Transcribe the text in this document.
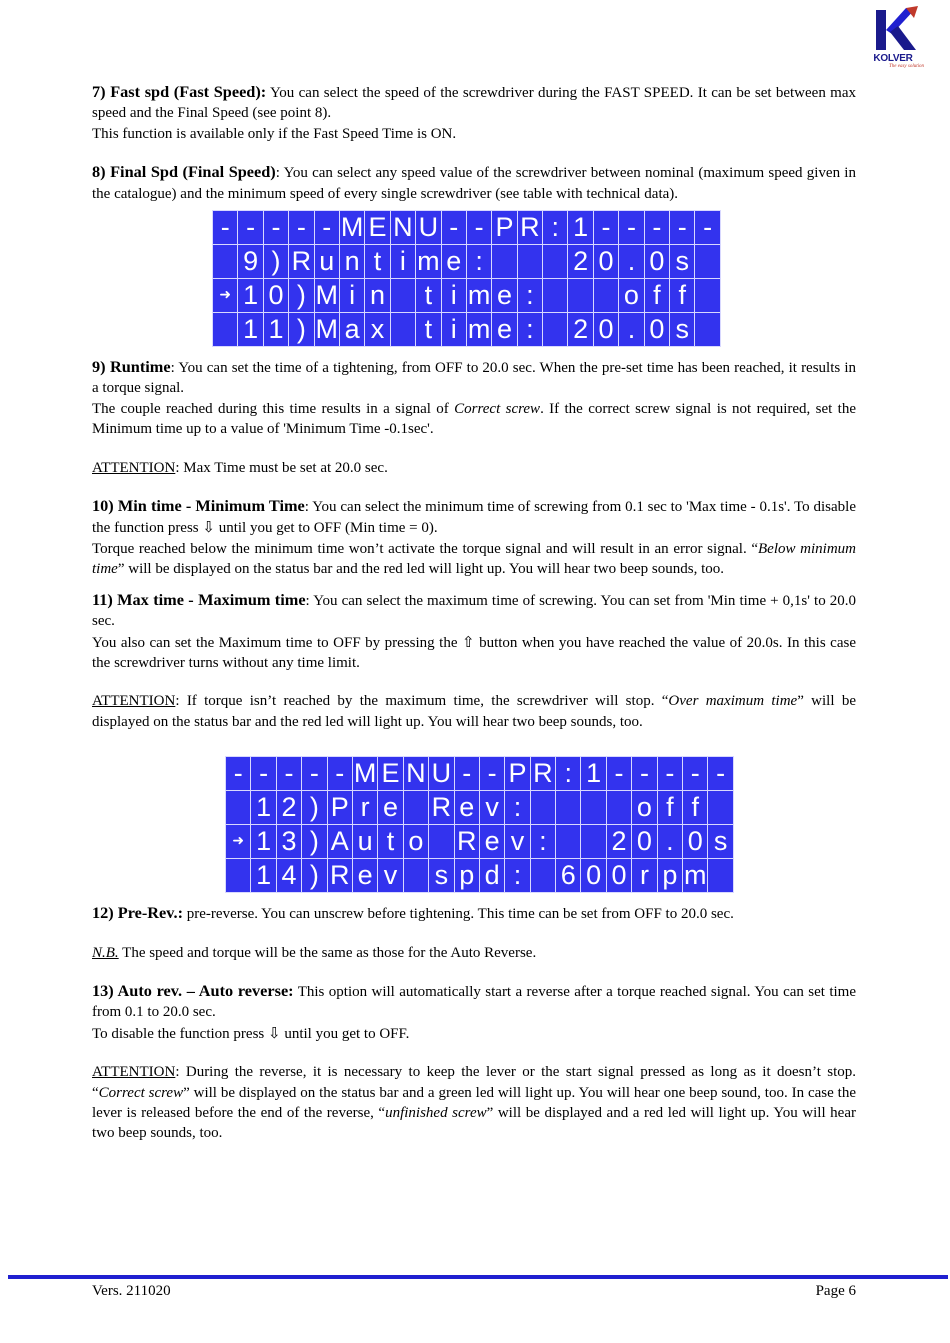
KOLVER
The easy solution

7) Fast spd (Fast Speed): You can select the speed of the screwdriver during the FAST SPEED. It can be set between max speed and the Final Speed (see point 8).

This function is available only if the Fast Speed Time is ON.

8) Final Spd (Final Speed): You can select any speed value of the screwdriver between nominal (maximum speed given in the catalogue) and the minimum speed of every single screwdriver (see table with technical data).

-	-	-	-	-	M	E	N	U	-	-	P	R	:	1	-	-	-	-	-
	9	)	R	u	n	t	i	m	e	:				2	0	.	0	s	
➜	1	0	)	M	i	n		t	i	m	e	:				o	f	f	
	1	1	)	M	a	x		t	i	m	e	:		2	0	.	0	s	

9) Runtime: You can set the time of a tightening, from OFF to 20.0 sec. When the pre-set time has been reached, it results in a torque signal.

The couple reached during this time results in a signal of Correct screw. If the correct screw signal is not required, set the Minimum time up to a value of 'Minimum Time -0.1sec'.

ATTENTION: Max Time must be set at 20.0 sec.

10) Min time - Minimum Time: You can select the minimum time of screwing from 0.1 sec to 'Max time - 0.1s'. To disable the function press ⇩ until you get to OFF (Min time = 0).

Torque reached below the minimum time won’t activate the torque signal and will result in an error signal. “Below minimum time” will be displayed on the status bar and the red led will light up. You will hear two beep sounds, too.

11) Max time - Maximum time: You can select the maximum time of screwing. You can set from 'Min time + 0,1s' to 20.0 sec.

You also can set the Maximum time to OFF by pressing the ⇧ button when you have reached the value of 20.0s. In this case the screwdriver turns without any time limit.

ATTENTION: If torque isn’t reached by the maximum time, the screwdriver will stop. “Over maximum time” will be displayed on the status bar and the red led will light up. You will hear two beep sounds, too.

-	-	-	-	-	M	E	N	U	-	-	P	R	:	1	-	-	-	-	-
	1	2	)	P	r	e		R	e	v	:					o	f	f	
➜	1	3	)	A	u	t	o		R	e	v	:			2	0	.	0	s
	1	4	)	R	e	v		s	p	d	:		6	0	0	r	p	m	

12) Pre-Rev.: pre-reverse. You can unscrew before tightening. This time can be set from OFF to 20.0 sec.

N.B. The speed and torque will be the same as those for the Auto Reverse.

13) Auto rev. – Auto reverse: This option will automatically start a reverse after a torque reached signal. You can set time from 0.1 to 20.0 sec.

To disable the function press ⇩ until you get to OFF.

ATTENTION: During the reverse, it is necessary to keep the lever or the start signal pressed as long as it doesn’t stop. “Correct screw” will be displayed on the status bar and a green led will light up. You will hear one beep sound, too. In case the lever is released before the end of the reverse, “unfinished screw” will be displayed and a red led will light up. You will hear two beep sounds, too.

Vers. 211020	Page 6
